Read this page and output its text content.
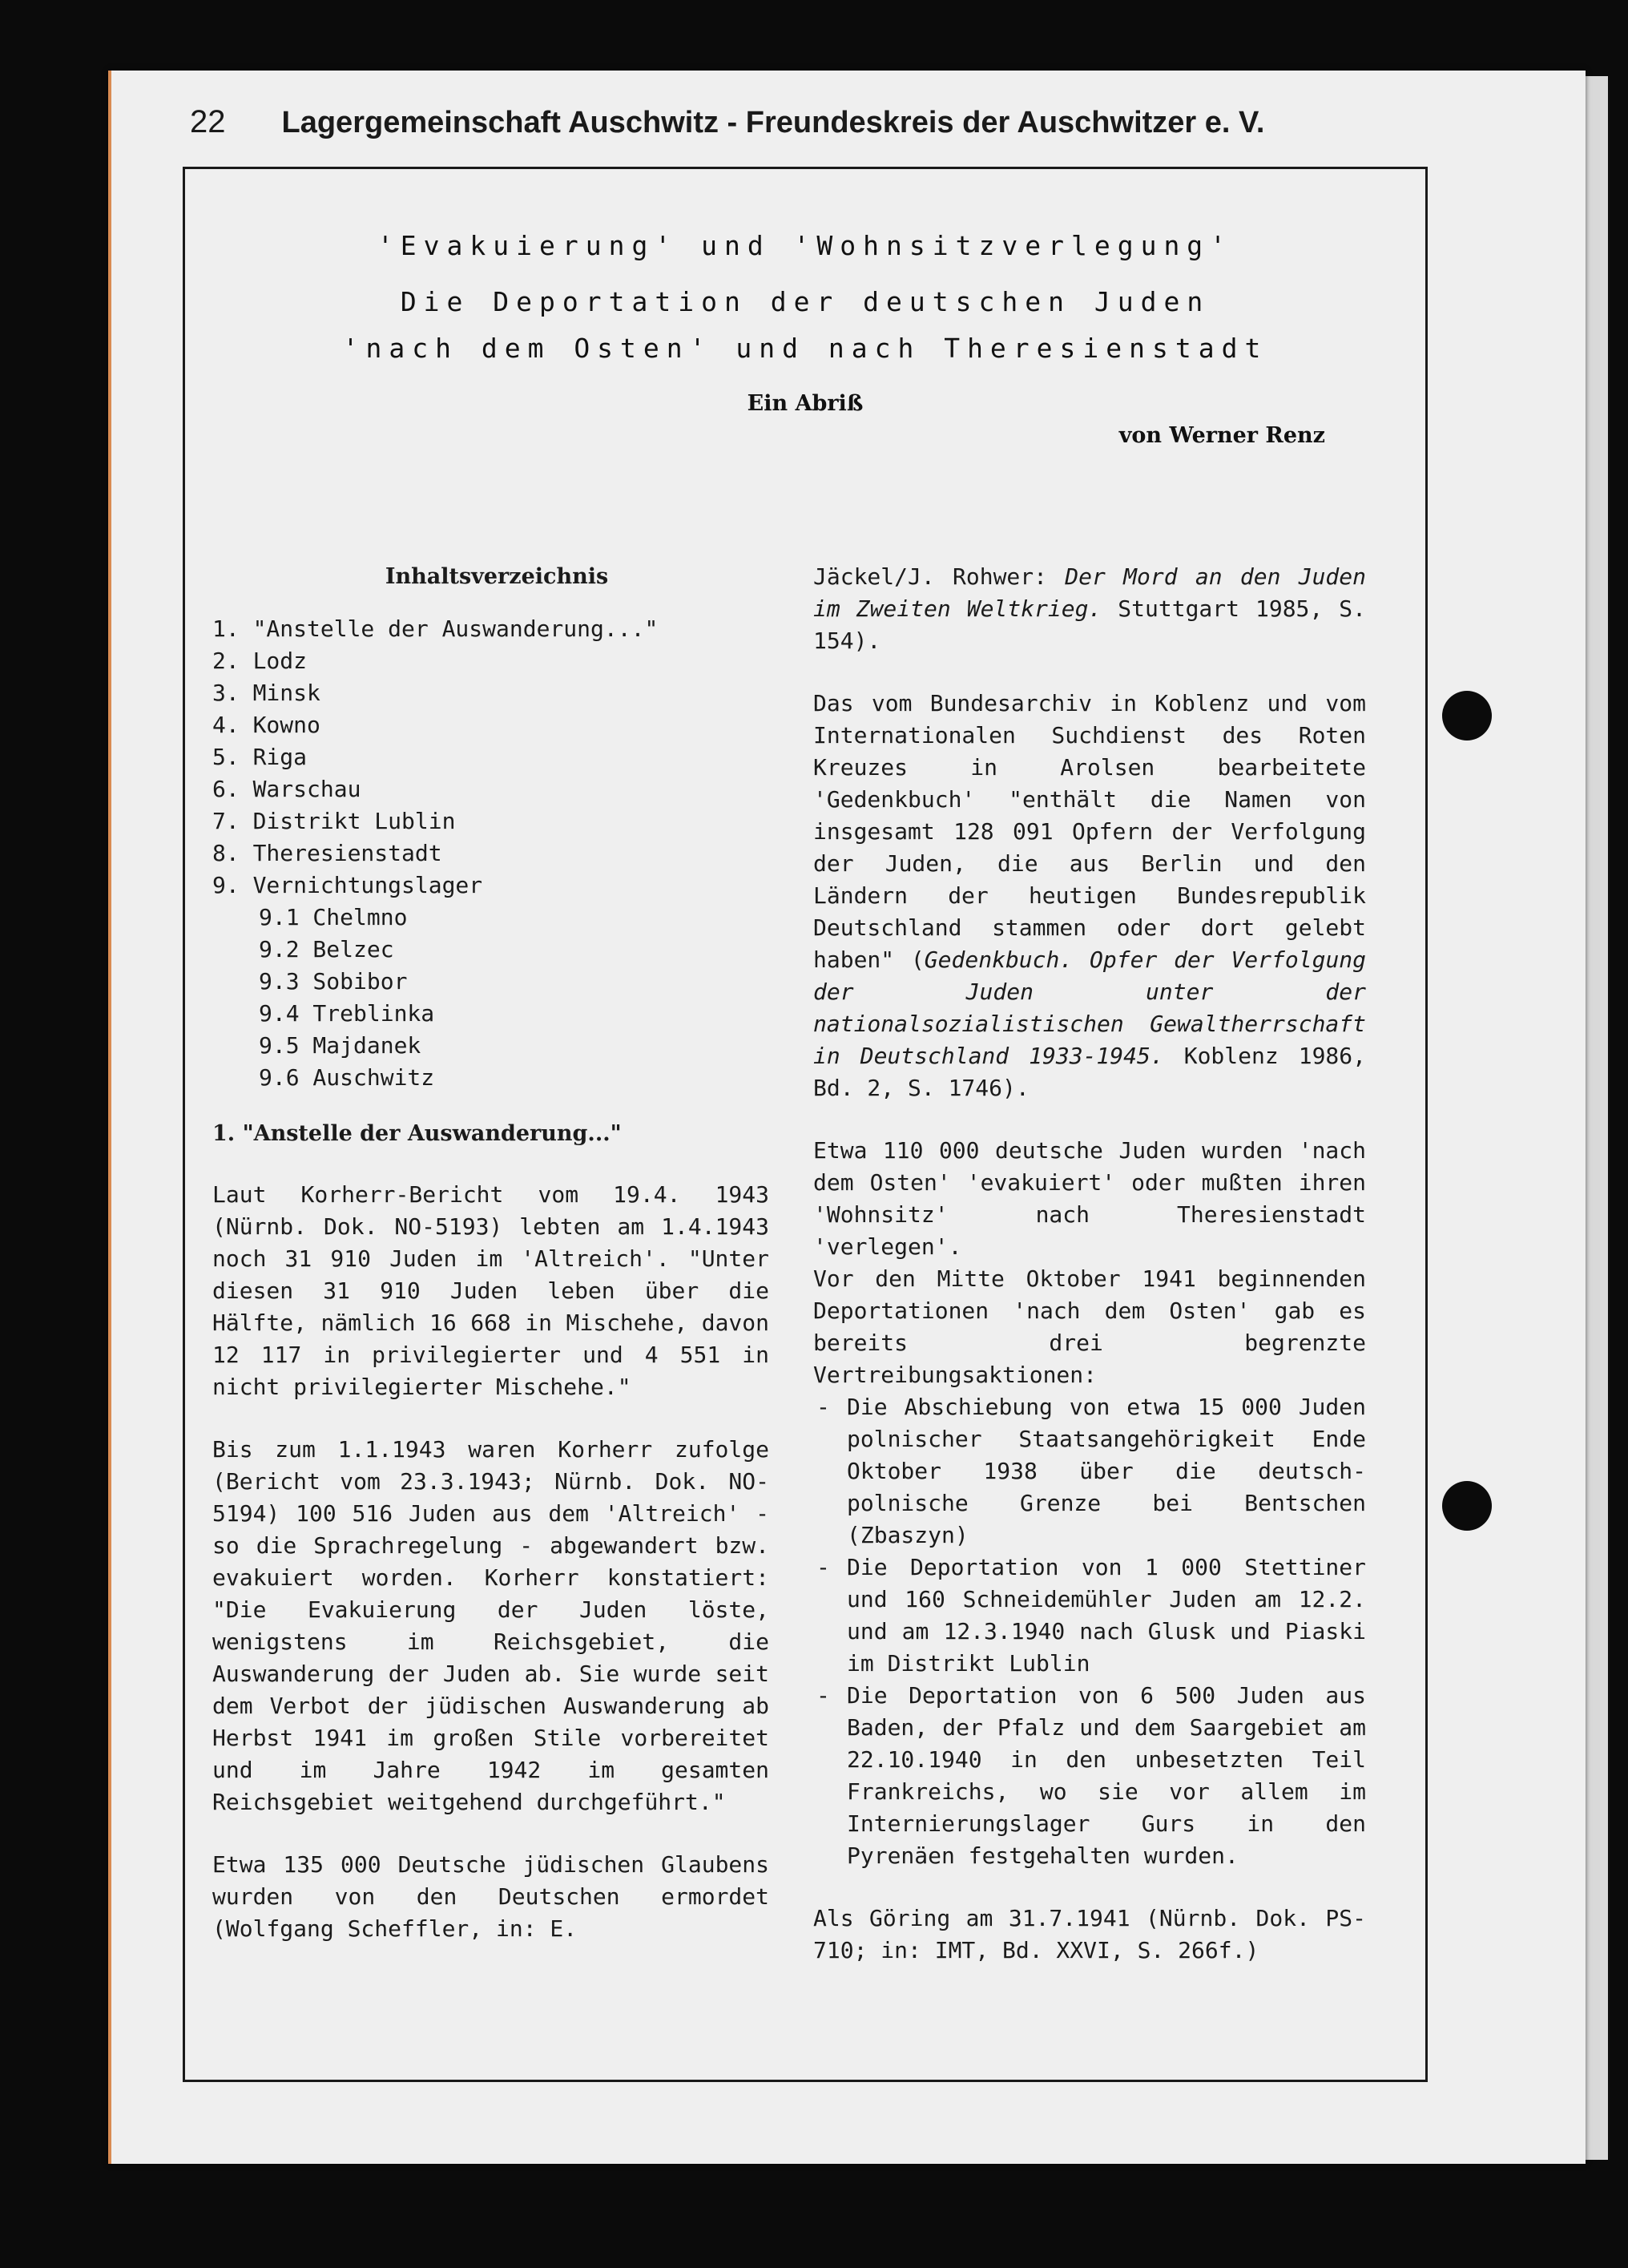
22 Lagergemeinschaft Auschwitz - Freundeskreis der Auschwitzer e. V.
'Evakuierung' und 'Wohnsitzverlegung'
Die Deportation der deutschen Juden
'nach dem Osten' und nach Theresienstadt
Ein Abriß
von Werner Renz
Inhaltsverzeichnis
1. "Anstelle der Auswanderung..."
2. Lodz
3. Minsk
4. Kowno
5. Riga
6. Warschau
7. Distrikt Lublin
8. Theresienstadt
9. Vernichtungslager
9.1 Chelmno
9.2 Belzec
9.3 Sobibor
9.4 Treblinka
9.5 Majdanek
9.6 Auschwitz
1. "Anstelle der Auswanderung..."
Laut Korherr-Bericht vom 19.4. 1943 (Nürnb. Dok. NO-5193) lebten am 1.4.1943 noch 31 910 Juden im 'Altreich'. "Unter diesen 31 910 Juden leben über die Hälfte, nämlich 16 668 in Mischehe, davon 12 117 in privilegierter und 4 551 in nicht privilegierter Mischehe."
Bis zum 1.1.1943 waren Korherr zufolge (Bericht vom 23.3.1943; Nürnb. Dok. NO-5194) 100 516 Juden aus dem 'Altreich' - so die Sprachregelung - abgewandert bzw. evakuiert worden. Korherr konstatiert: "Die Evakuierung der Juden löste, wenigstens im Reichsgebiet, die Auswanderung der Juden ab. Sie wurde seit dem Verbot der jüdischen Auswanderung ab Herbst 1941 im großen Stile vorbereitet und im Jahre 1942 im gesamten Reichsgebiet weitgehend durchgeführt."
Etwa 135 000 Deutsche jüdischen Glaubens wurden von den Deutschen ermordet (Wolfgang Scheffler, in: E.
Jäckel/J. Rohwer: Der Mord an den Juden im Zweiten Weltkrieg. Stuttgart 1985, S. 154).
Das vom Bundesarchiv in Koblenz und vom Internationalen Suchdienst des Roten Kreuzes in Arolsen bearbeitete 'Gedenkbuch' "enthält die Namen von insgesamt 128 091 Opfern der Verfolgung der Juden, die aus Berlin und den Ländern der heutigen Bundesrepublik Deutschland stammen oder dort gelebt haben" (Gedenkbuch. Opfer der Verfolgung der Juden unter der nationalsozialistischen Gewaltherrschaft in Deutschland 1933-1945. Koblenz 1986, Bd. 2, S. 1746).
Etwa 110 000 deutsche Juden wurden 'nach dem Osten' 'evakuiert' oder mußten ihren 'Wohnsitz' nach Theresienstadt 'verlegen'.
Vor den Mitte Oktober 1941 beginnenden Deportationen 'nach dem Osten' gab es bereits drei begrenzte Vertreibungsaktionen:
- Die Abschiebung von etwa 15 000 Juden polnischer Staatsangehörigkeit Ende Oktober 1938 über die deutsch-polnische Grenze bei Bentschen (Zbaszyn)
- Die Deportation von 1 000 Stettiner und 160 Schneidemühler Juden am 12.2. und am 12.3.1940 nach Glusk und Piaski im Distrikt Lublin
- Die Deportation von 6 500 Juden aus Baden, der Pfalz und dem Saargebiet am 22.10.1940 in den unbesetzten Teil Frankreichs, wo sie vor allem im Internierungslager Gurs in den Pyrenäen festgehalten wurden.
Als Göring am 31.7.1941 (Nürnb. Dok. PS-710; in: IMT, Bd. XXVI, S. 266f.)
